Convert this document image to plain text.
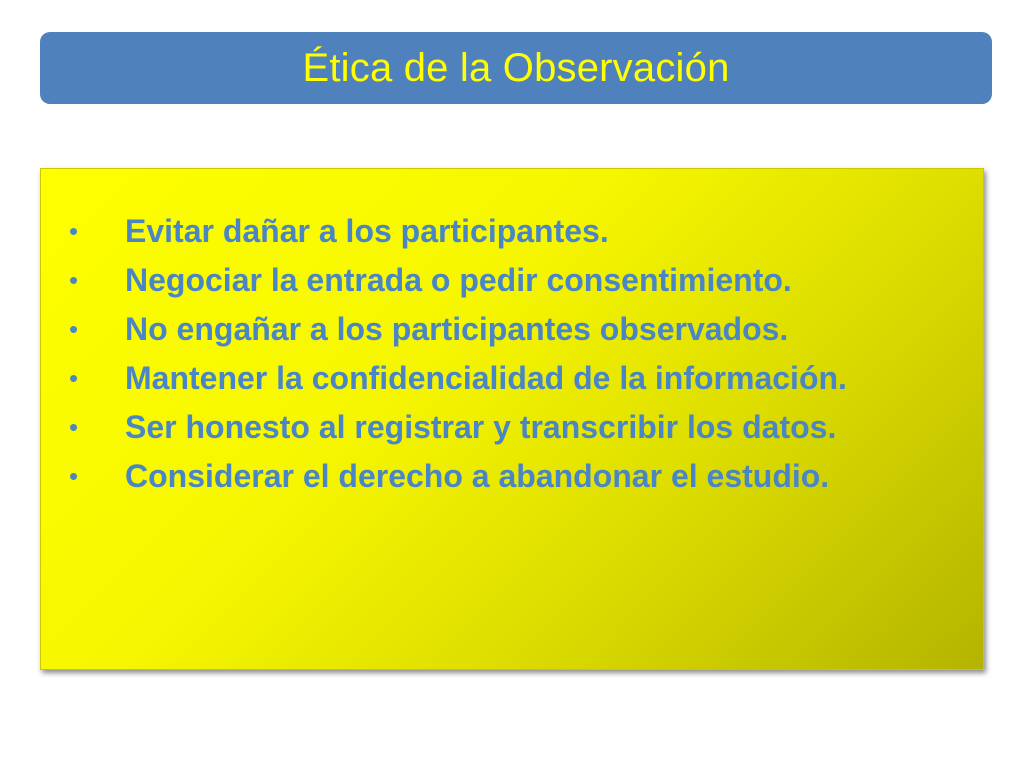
Ética de la Observación
•	Evitar dañar a los participantes.
•	Negociar la entrada o pedir consentimiento.
•	No engañar a los participantes observados.
•	Mantener la confidencialidad de la información.
•	Ser honesto al registrar y transcribir los datos.
•	Considerar el derecho a abandonar el estudio.
